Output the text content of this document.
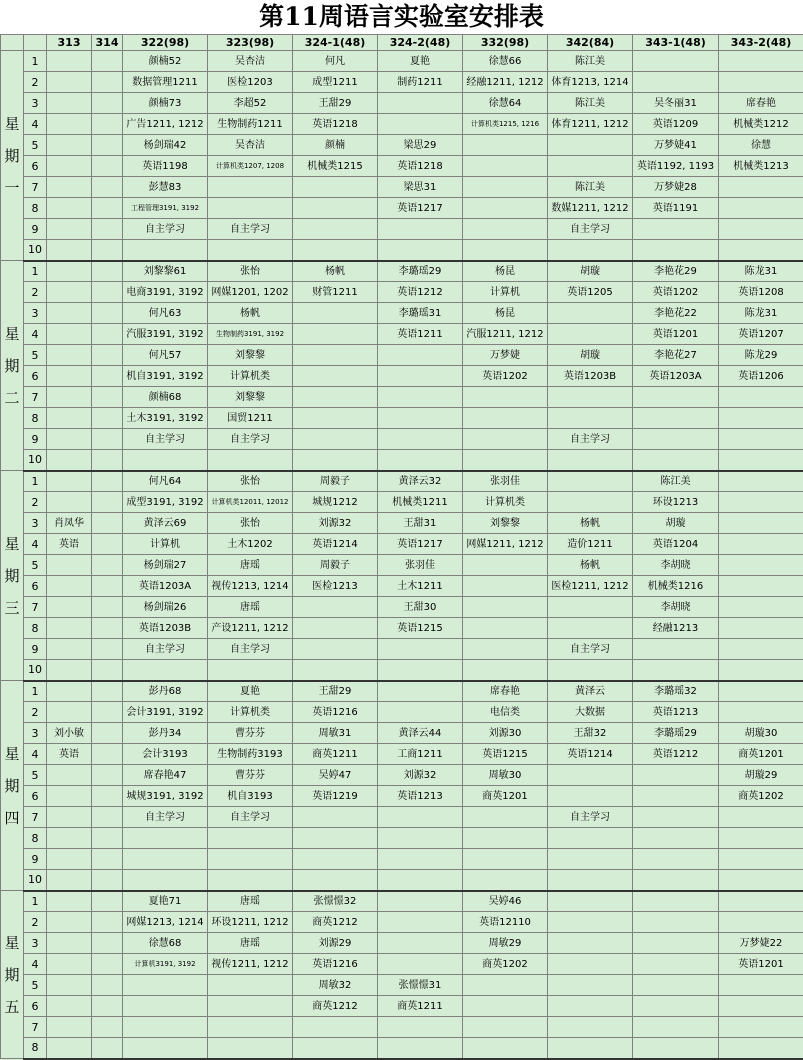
第11周语言实验室安排表
		313	314	322(98)	323(98)	324-1(48)	324-2(48)	332(98)	342(84)	343-1(48)	343-2(48)

星
期
一	1			颜楠52	吴杏洁	何凡	夏艳	徐慧66	陈江美		
	2			数据管理1211	医检1203	成型1211	制药1211	经融1211, 1212	体育1213, 1214		
	3			颜楠73	李超52	王甜29		徐慧64	陈江美	吴冬丽31	席春艳
	4			广告1211, 1212	生物制药1211	英语1218		计算机类1215, 1216	体育1211, 1212	英语1209	机械类1212
	5			杨剑瑞42	吴杏洁	颜楠	梁思29			万梦婕41	徐慧
	6			英语1198	计算机类1207, 1208	机械类1215	英语1218			英语1192, 1193	机械类1213
	7			彭慧83			梁思31		陈江美	万梦婕28	
	8			工程管理3191, 3192			英语1217		数媒1211, 1212	英语1191	
	9			自主学习	自主学习				自主学习		
	10										

星
期
二	1			刘黎黎61	张怡	杨帆	李璐瑶29	杨昆	胡璇	李艳花29	陈龙31
	2			电商3191, 3192	网媒1201, 1202	财管1211	英语1212	计算机	英语1205	英语1202	英语1208
	3			何凡63	杨帆		李璐瑶31	杨昆		李艳花22	陈龙31
	4			汽服3191, 3192	生物制药3191, 3192		英语1211	汽服1211, 1212		英语1201	英语1207
	5			何凡57	刘黎黎			万梦婕	胡璇	李艳花27	陈龙29
	6			机自3191, 3192	计算机类			英语1202	英语1203B	英语1203A	英语1206
	7			颜楠68	刘黎黎						
	8			土木3191, 3192	国贸1211						
	9			自主学习	自主学习				自主学习		
	10										

星
期
三	1			何凡64	张怡	周毅子	黄泽云32	张羽佳		陈江美	
	2			成型3191, 3192	计算机类12011, 12012	城规1212	机械类1211	计算机类		环设1213	
	3	肖凤华		黄泽云69	张怡	刘源32	王甜31	刘黎黎	杨帆	胡璇	
	4	英语		计算机	土木1202	英语1214	英语1217	网媒1211, 1212	造价1211	英语1204	
	5			杨剑瑞27	唐瑶	周毅子	张羽佳		杨帆	李胡晓	
	6			英语1203A	视传1213, 1214	医检1213	土木1211		医检1211, 1212	机械类1216	
	7			杨剑瑞26	唐瑶		王甜30			李胡晓	
	8			英语1203B	产设1211, 1212		英语1215			经融1213	
	9			自主学习	自主学习				自主学习		
	10										

星
期
四	1			彭丹68	夏艳	王甜29		席春艳	黄泽云	李璐瑶32	
	2			会计3191, 3192	计算机类	英语1216		电信类	大数据	英语1213	
	3	刘小敏		彭丹34	曹芬芬	周敏31	黄泽云44	刘源30	王甜32	李璐瑶29	胡璇30
	4	英语		会计3193	生物制药3193	商英1211	工商1211	英语1215	英语1214	英语1212	商英1201
	5			席春艳47	曹芬芬	吴婷47	刘源32	周敏30			胡璇29
	6			城规3191, 3192	机自3193	英语1219	英语1213	商英1201			商英1202
	7			自主学习	自主学习				自主学习		
	8										
	9										
	10										

星
期
五	1			夏艳71	唐瑶	张憬憬32		吴婷46			
	2			网媒1213, 1214	环设1211, 1212	商英1212		英语12110			
	3			徐慧68	唐瑶	刘源29		周敏29			万梦婕22
	4			计算机3191, 3192	视传1211, 1212	英语1216		商英1202			英语1201
	5					周敏32	张憬憬31				
	6					商英1212	商英1211				
	7										
	8										
